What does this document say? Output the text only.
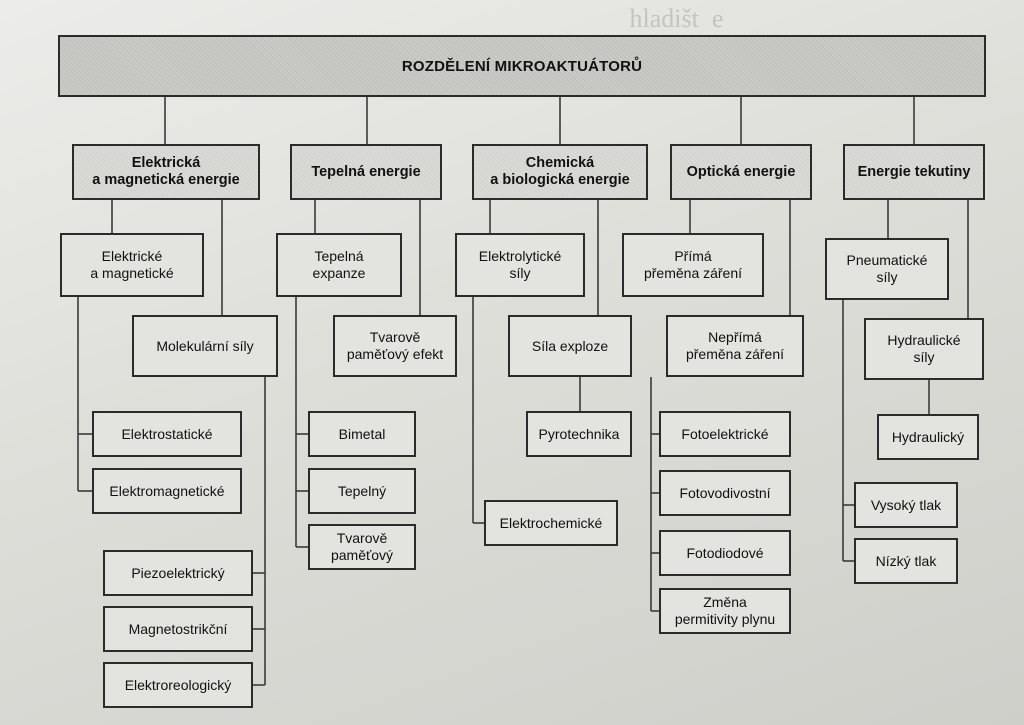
  hladišt e

ROZDĚLENÍ MIKROAKTUÁTORŮ
Elektrická
a magnetická energie
Elektrické
a magnetické
Elektrostatické
Elektromagnetické
Molekulární síly
Piezoelektrický
Magnetostrikční
Elektroreologický
Tepelná energie
Tepelná
expanze
Bimetal
Tepelný
Tvarově
paměťový
Tvarově
paměťový efekt
Chemická
a biologická energie
Elektrolytické
síly
Elektrochemické
Síla exploze
Pyrotechnika
Optická energie
Přímá
přeměna záření
Nepřímá
přeměna záření
Fotoelektrické
Fotovodivostní
Fotodiodové
Změna
permitivity plynu
Energie tekutiny
Pneumatické
síly
Vysoký tlak
Nízký tlak
Hydraulické
síly
Hydraulický
